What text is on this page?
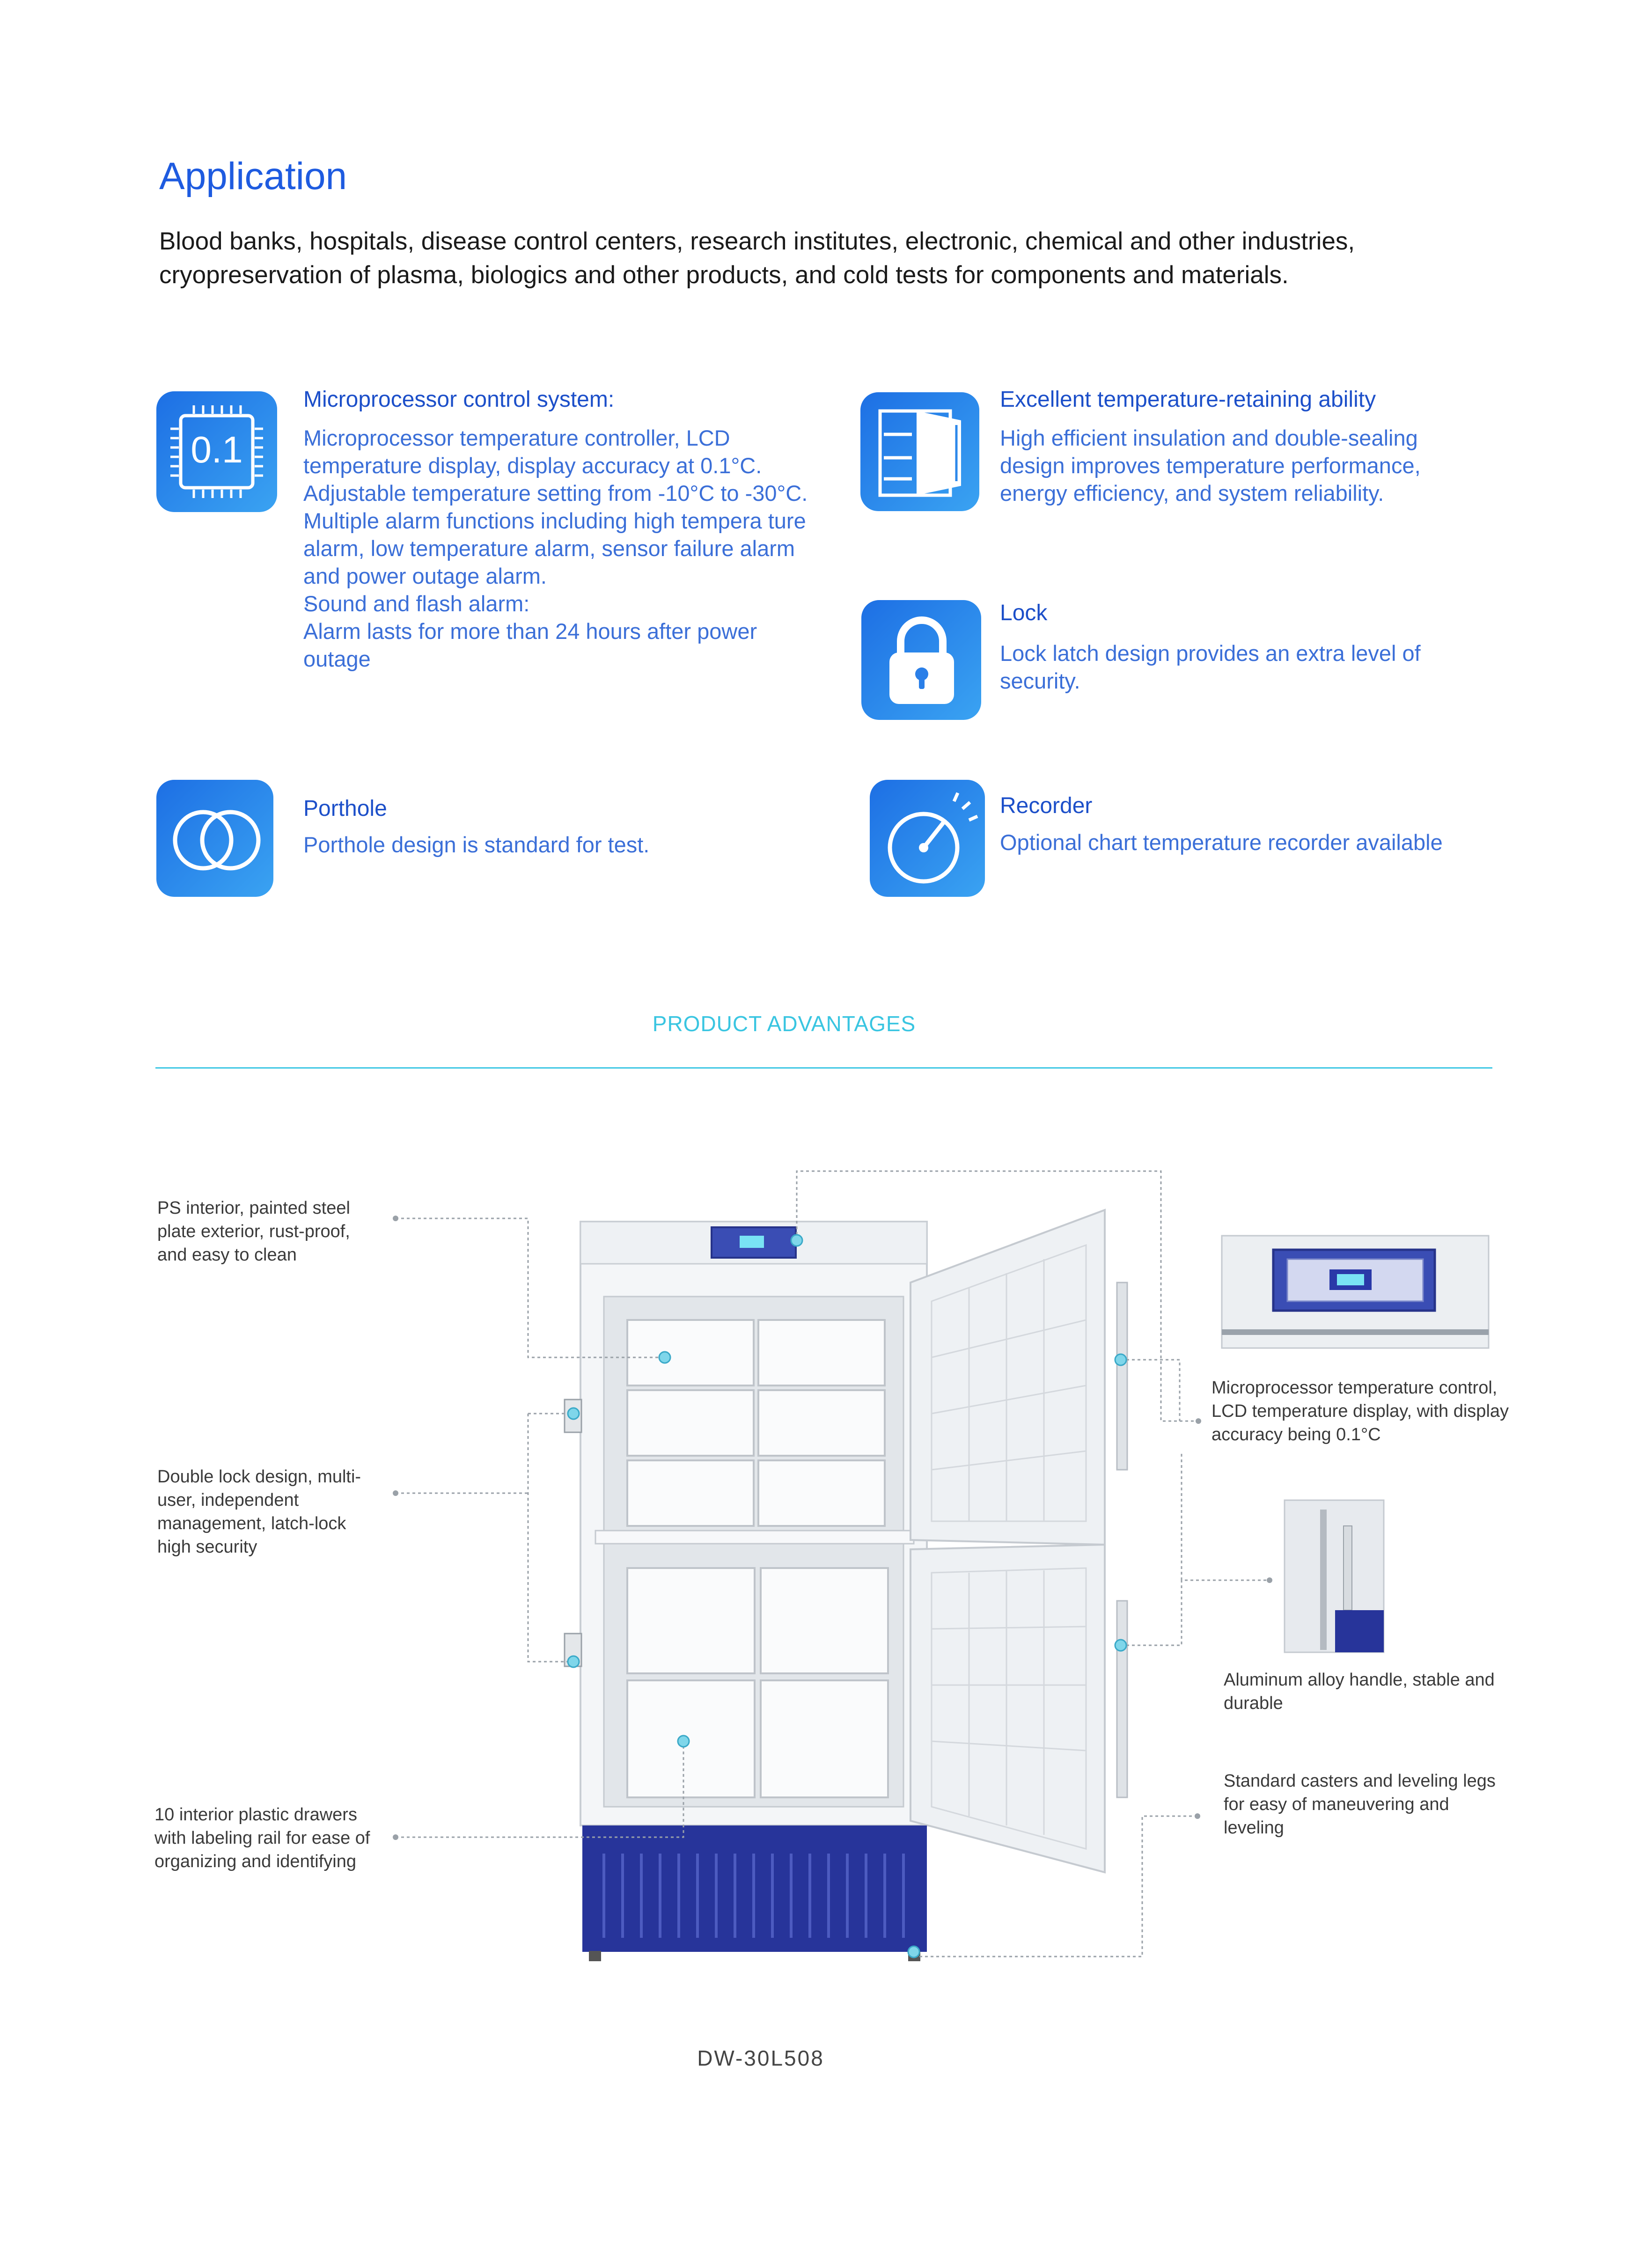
Application
Blood banks, hospitals, disease control centers, research institutes, electronic, chemical and other industries, cryopreservation of plasma, biologics and other products, and cold tests for components and materials.
0.1
Microprocessor control system:
· Microprocessor temperature controller, LCD temperature display, display accuracy at 0.1°C. Adjustable temperature setting from -10°C to -30°C.
· Multiple alarm functions including high tempera ture alarm, low temperature alarm, sensor failure alarm and power outage alarm.
· Sound and flash alarm:
· Alarm lasts for more than 24 hours after power outage
Excellent temperature-retaining ability
High efficient insulation and double-sealing design improves temperature performance, energy efficiency, and system reliability.
Lock
Lock latch design provides an extra level of security.
Porthole
Porthole design is standard for test.
Recorder
Optional chart temperature recorder available
PRODUCT ADVANTAGES
PS interior, painted steel plate exterior, rust-proof, and easy to clean
Double lock design, multi-user, independent management, latch-lock high security
10 interior plastic drawers with labeling rail for ease of organizing and identifying
Microprocessor temperature control, LCD temperature display, with display accuracy being 0.1°C
Aluminum alloy handle, stable and durable
Standard casters and leveling legs for easy of maneuvering and leveling
DW-30L508
